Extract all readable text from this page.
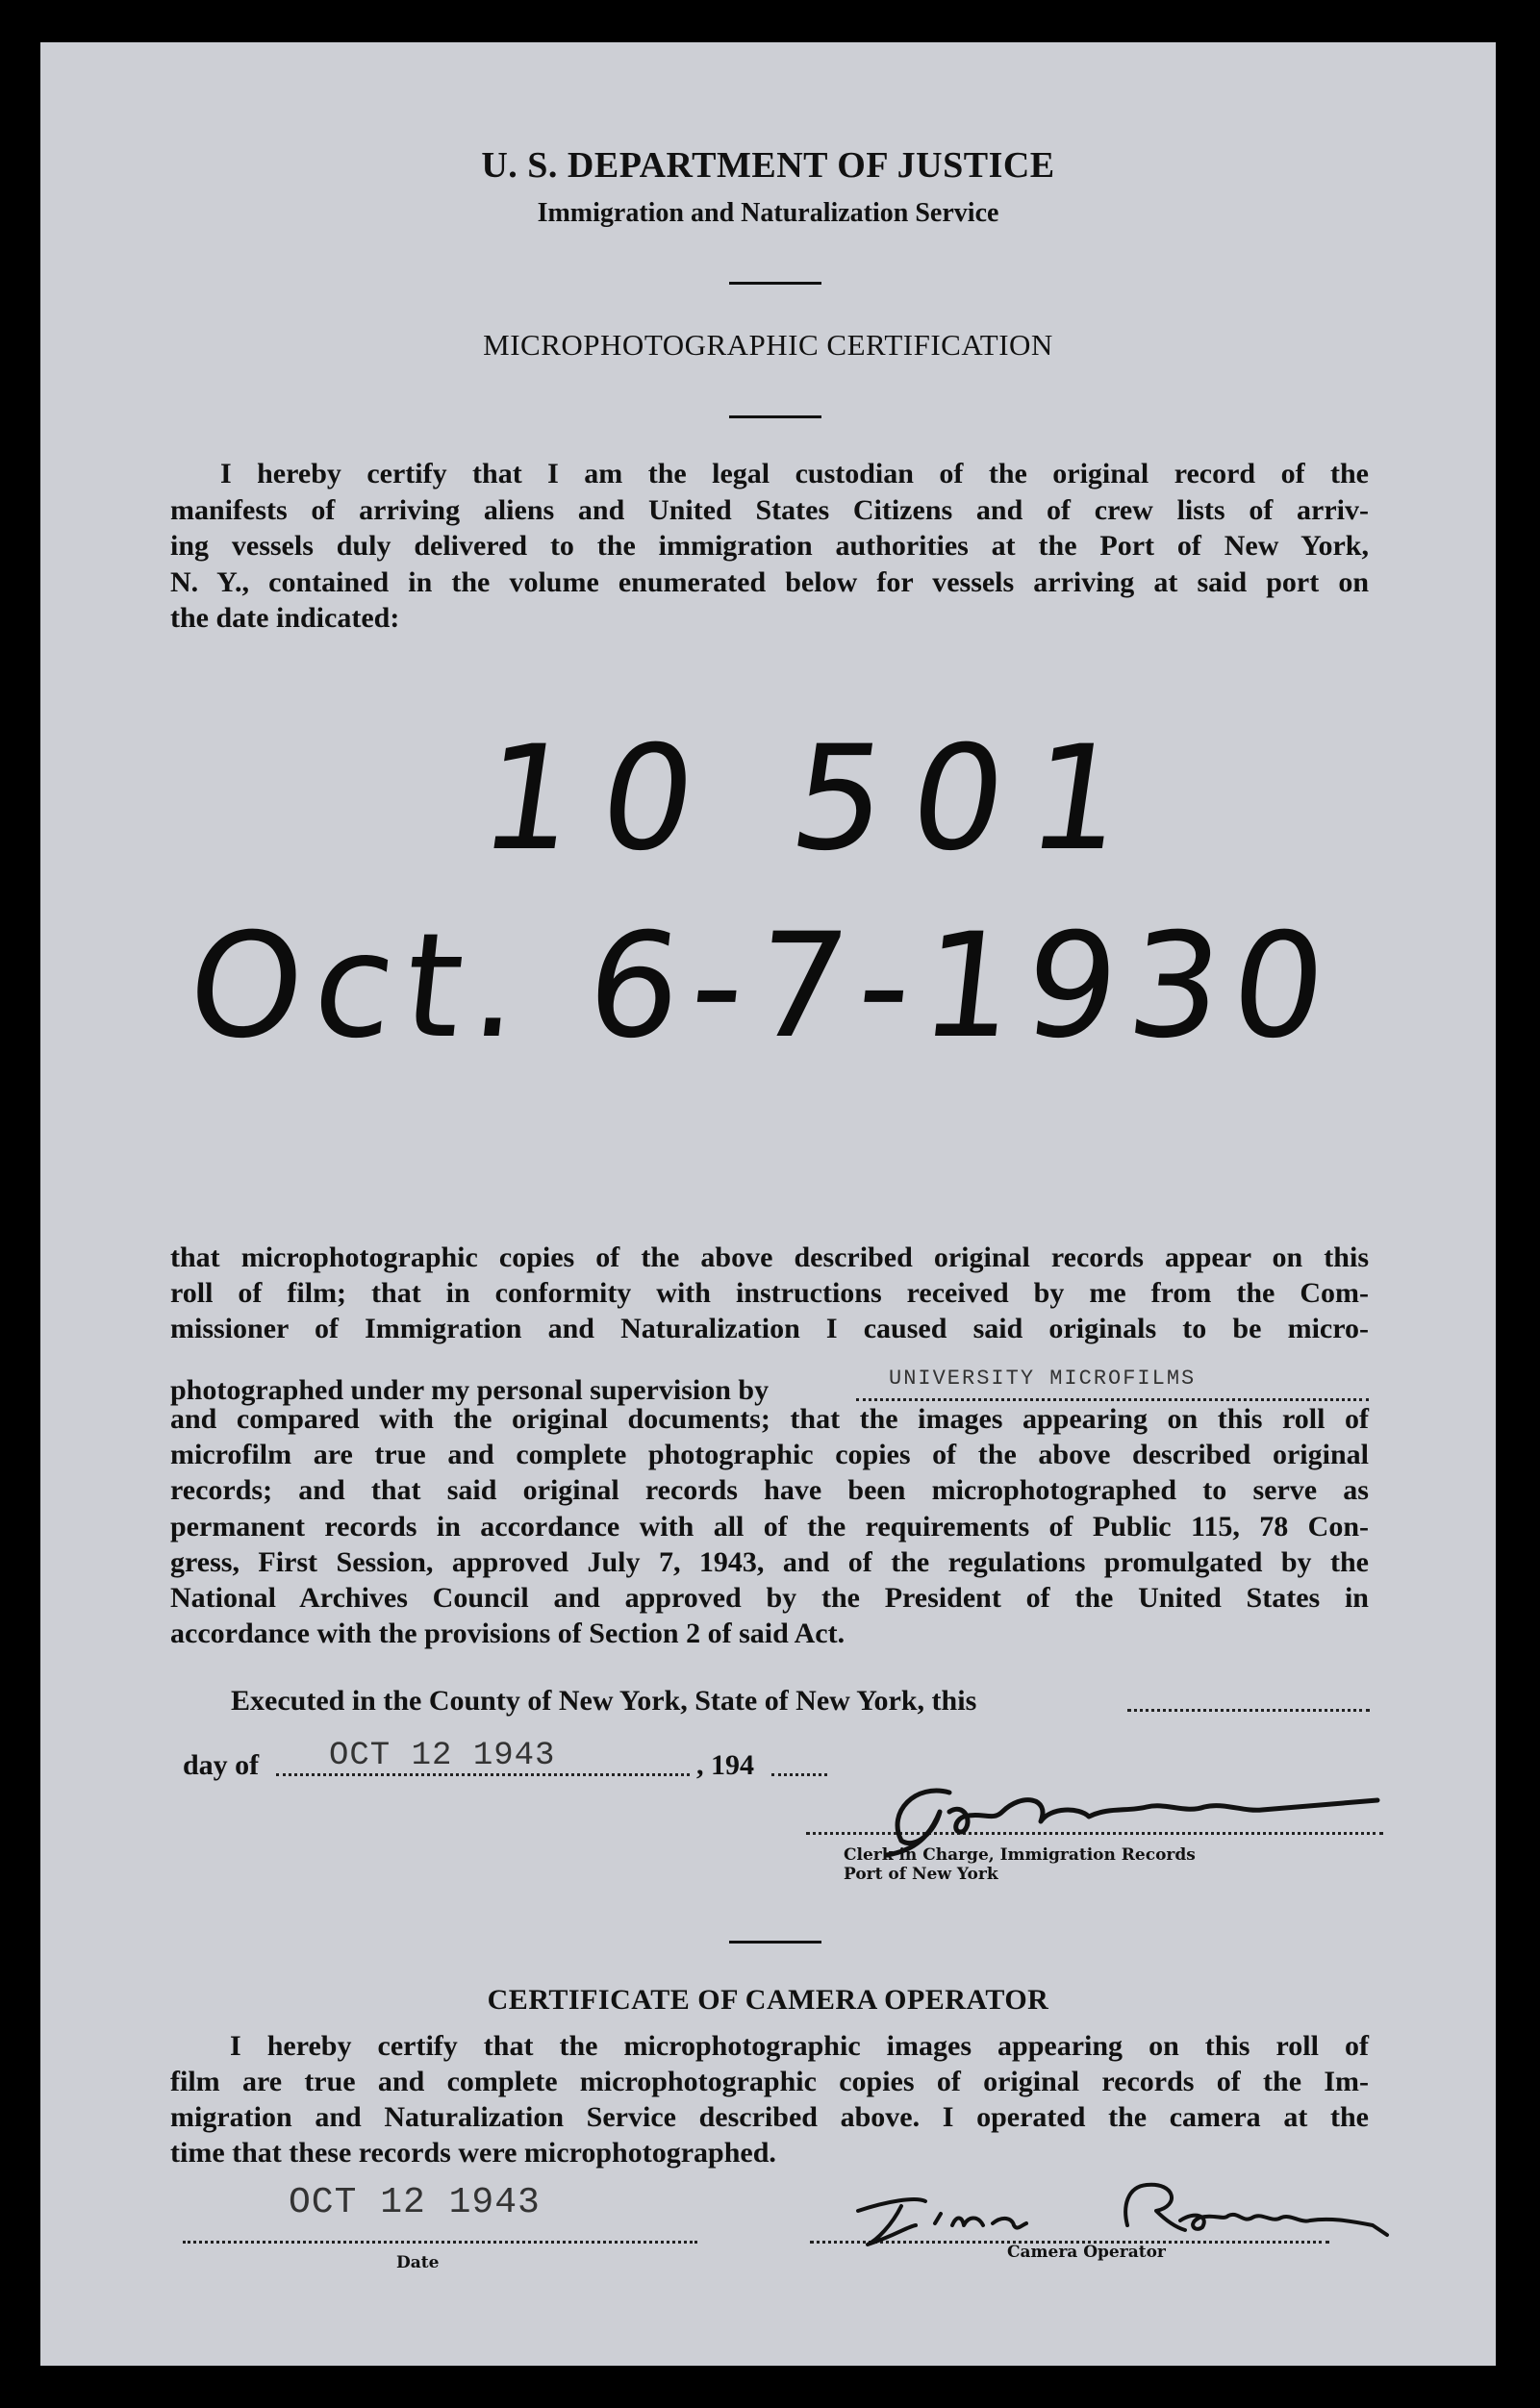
U. S. DEPARTMENT OF JUSTICE
Immigration and Naturalization Service
MICROPHOTOGRAPHIC CERTIFICATION
I hereby certify that I am the legal custodian of the original record of the
manifests of arriving aliens and United States Citizens and of crew lists of arriv-
ing vessels duly delivered to the immigration authorities at the Port of New York,
N. Y., contained in the volume enumerated below for vessels arriving at said port on
the date indicated:
10 501
Oct. 6-7-1930
that microphotographic copies of the above described original records appear on this
roll of film; that in conformity with instructions received by me from the Com-
missioner of Immigration and Naturalization I caused said originals to be micro-
photographed under my personal supervision by	UNIVERSITY MICROFILMS
and compared with the original documents; that the images appearing on this roll of
microfilm are true and complete photographic copies of the above described original
records; and that said original records have been microphotographed to serve as
permanent records in accordance with all of the requirements of Public 115, 78 Con-
gress, First Session, approved July 7, 1943, and of the regulations promulgated by the
National Archives Council and approved by the President of the United States in
accordance with the provisions of Section 2 of said Act.
Executed in the County of New York, State of New York, this
day of OCT 12 1943	, 194
Clerk in Charge, Immigration Records
Port of New York
CERTIFICATE OF CAMERA OPERATOR
I hereby certify that the microphotographic images appearing on this roll of
film are true and complete microphotographic copies of original records of the Im-
migration and Naturalization Service described above. I operated the camera at the
time that these records were microphotographed.
OCT 12 1943
Date
Camera Operator
